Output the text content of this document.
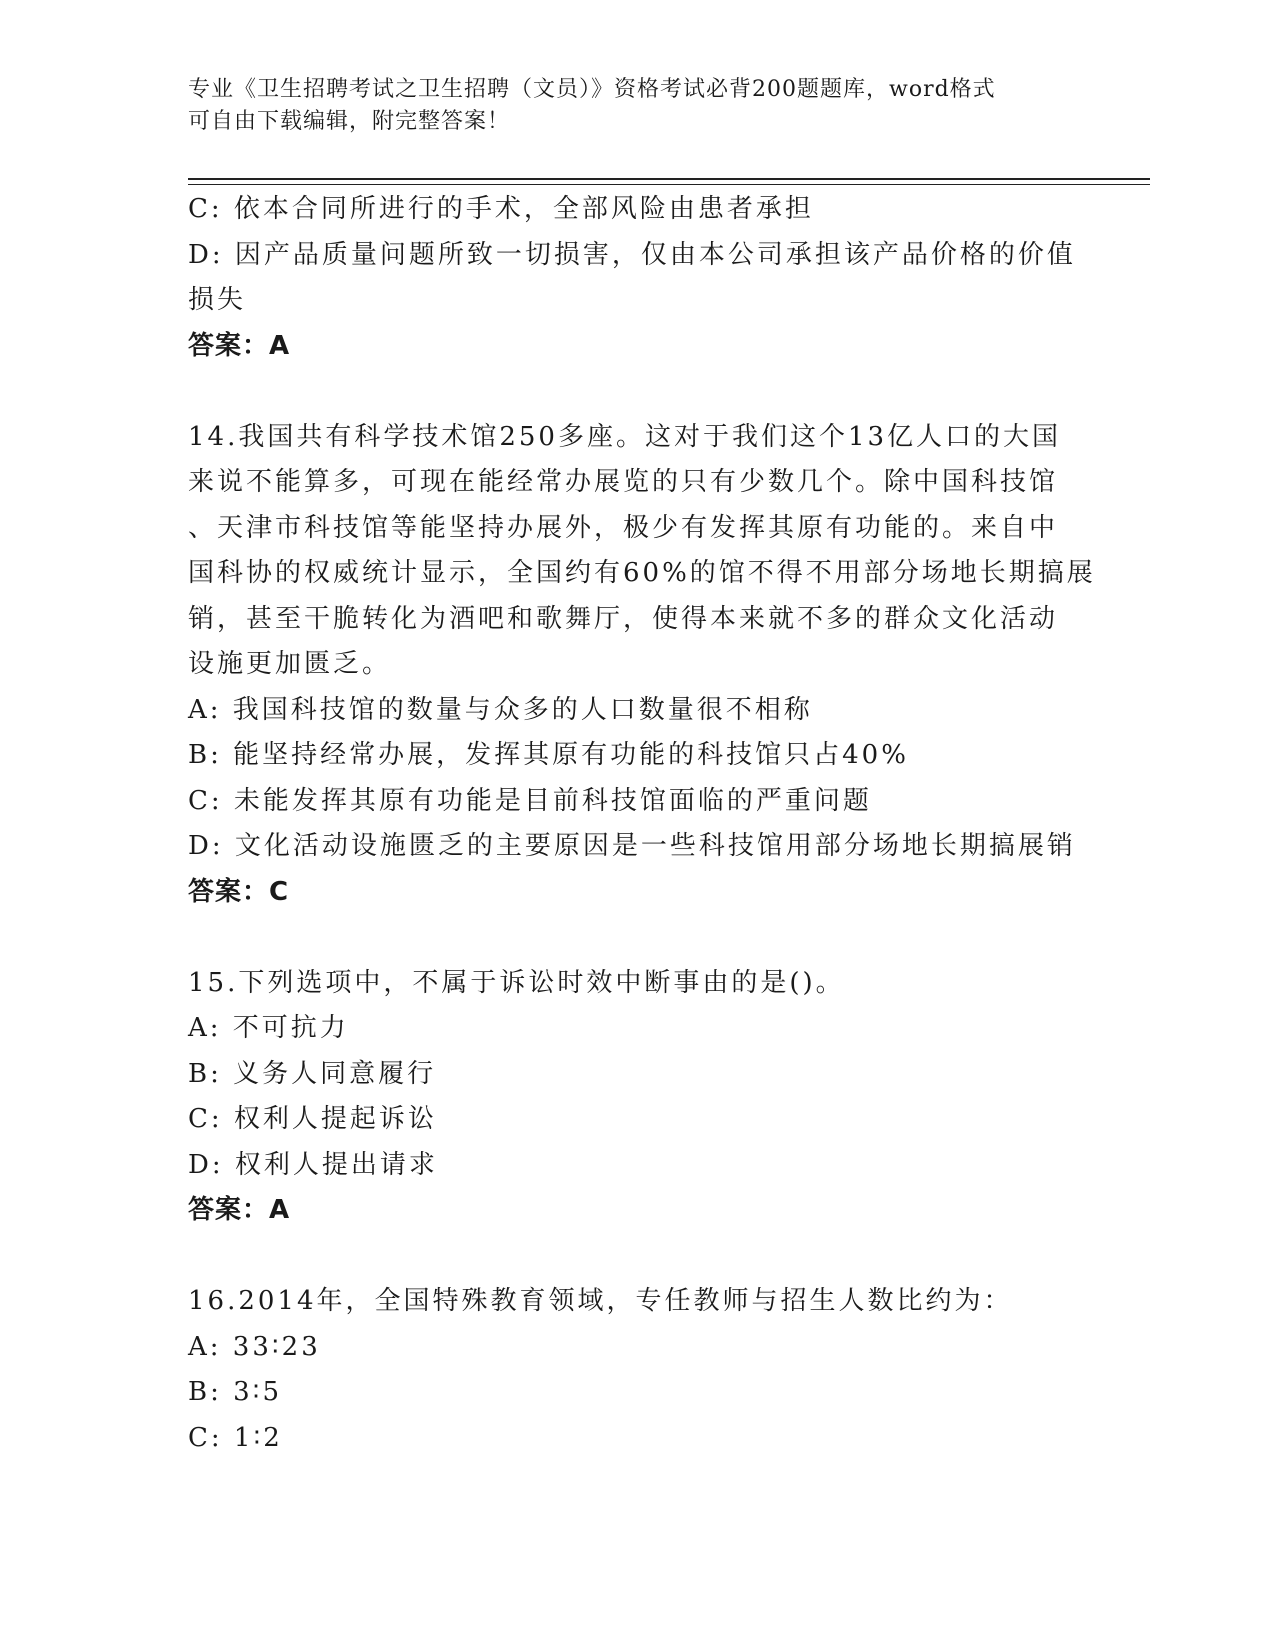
专业《卫生招聘考试之卫生招聘（文员）》资格考试必背200题题库，word格式
可自由下载编辑，附完整答案！
C: 依本合同所进行的手术，全部风险由患者承担
D: 因产品质量问题所致一切损害，仅由本公司承担该产品价格的价值
损失
答案：A
14.我国共有科学技术馆250多座。这对于我们这个13亿人口的大国
来说不能算多，可现在能经常办展览的只有少数几个。除中国科技馆
、天津市科技馆等能坚持办展外，极少有发挥其原有功能的。来自中
国科协的权威统计显示，全国约有60%的馆不得不用部分场地长期搞展
销，甚至干脆转化为酒吧和歌舞厅，使得本来就不多的群众文化活动
设施更加匮乏。
A: 我国科技馆的数量与众多的人口数量很不相称
B: 能坚持经常办展，发挥其原有功能的科技馆只占40%
C: 未能发挥其原有功能是目前科技馆面临的严重问题
D: 文化活动设施匮乏的主要原因是一些科技馆用部分场地长期搞展销
答案：C
15.下列选项中，不属于诉讼时效中断事由的是()。
A: 不可抗力
B: 义务人同意履行
C: 权利人提起诉讼
D: 权利人提出请求
答案：A
16.2014年，全国特殊教育领域，专任教师与招生人数比约为：
A: 33∶23
B: 3∶5
C: 1∶2
